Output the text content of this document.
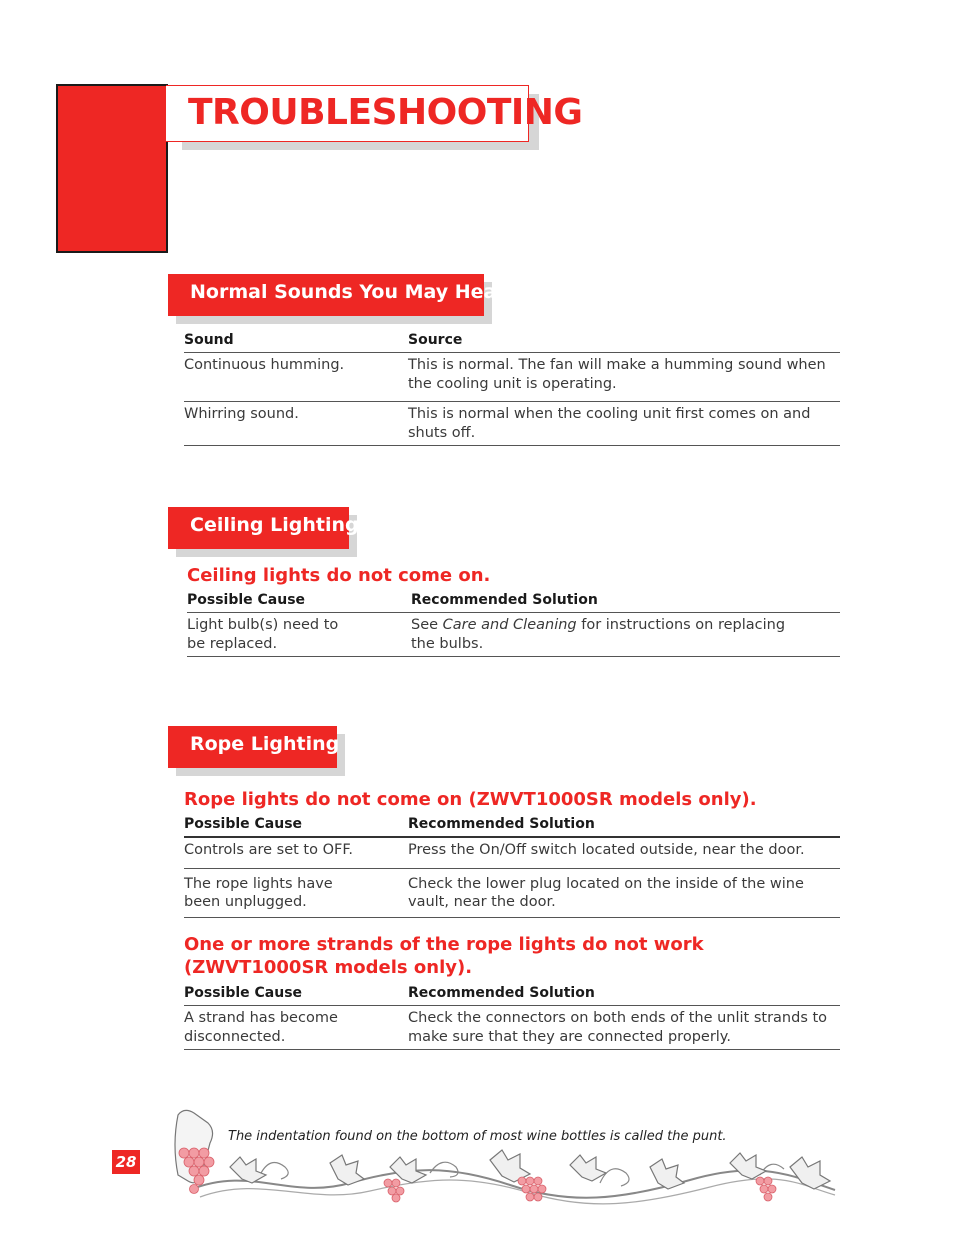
TROUBLESHOOTING
Normal Sounds You May Hear
Sound	Source
Continuous humming.	This is normal. The fan will make a humming sound when the cooling unit is operating.
Whirring sound.	This is normal when the cooling unit first comes on and shuts off.
Ceiling Lighting
Ceiling lights do not come on.
Possible Cause	Recommended Solution
Light bulb(s) need to be replaced.	See Care and Cleaning for instructions on replacing the bulbs.
Rope Lighting
Rope lights do not come on (ZWVT1000SR models only).
Possible Cause	Recommended Solution
Controls are set to OFF.	Press the On/Off switch located outside, near the door.
The rope lights have been unplugged.	Check the lower plug located on the inside of the wine vault, near the door.
One or more strands of the rope lights do not work
(ZWVT1000SR models only).
Possible Cause	Recommended Solution
A strand has become disconnected.	Check the connectors on both ends of the unlit strands to make sure that they are connected properly.
28
The indentation found on the bottom of most wine bottles is called the punt.
